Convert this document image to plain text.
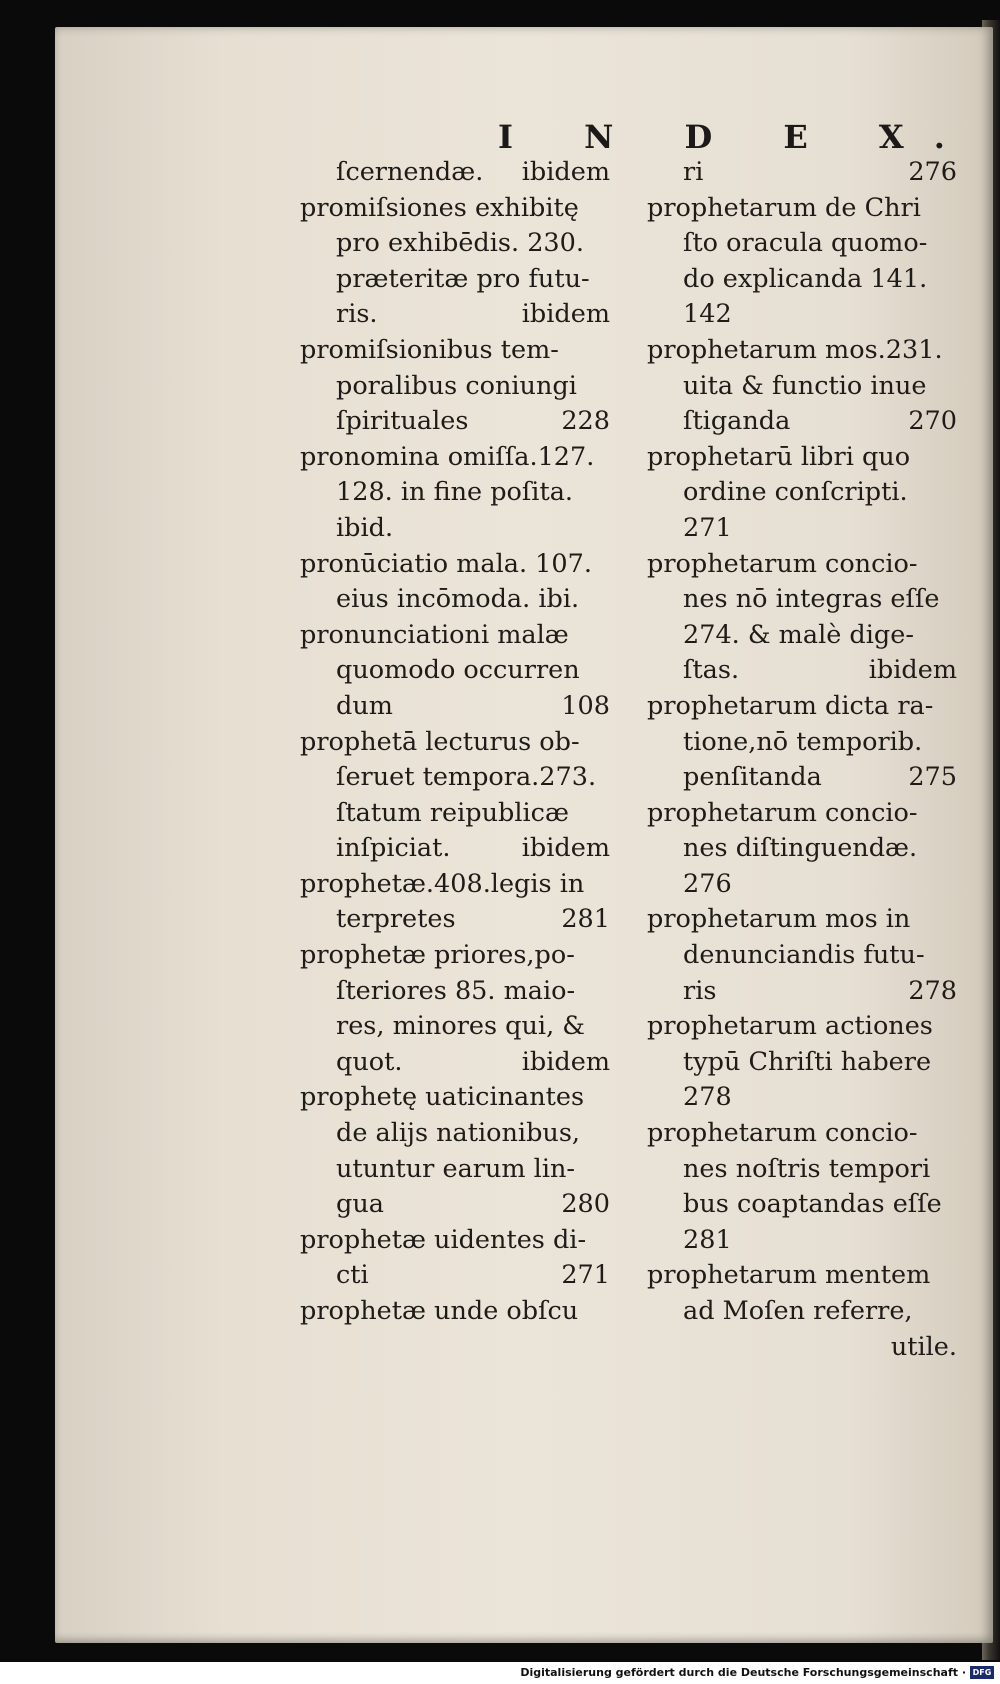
I N D E X.
ſcernendæ. ibidem
promiſsiones exhibitę
pro exhibēdis. 230.
præteritæ pro futu-
ris.	ibidem
promiſsionibus tem-
poralibus coniungi
ſpirituales	228
pronomina omiſſa.127.
128. in fine poſita.
ibid.
pronūciatio mala. 107.
eius incōmoda. ibi.
pronunciationi malæ
quomodo occurren
dum	108
prophetā lecturus ob-
ſeruet tempora.273.
ſtatum reipublicæ
inſpiciat.	ibidem
prophetæ.408.legis in
terpretes	281
prophetæ priores,po-
ſteriores 85. maio-
res, minores qui, &
quot.	ibidem
prophetę uaticinantes
de alijs nationibus,
utuntur earum lin-
gua	280
prophetæ uidentes di-
cti	271
prophetæ unde obſcu
ri	276
prophetarum de Chri
ſto oracula quomo-
do explicanda 141.
142
prophetarum mos.231.
uita & functio inue
ſtiganda	270
prophetarū libri quo
ordine conſcripti.
271
prophetarum concio-
nes nō integras eſſe
274. & malè dige-
ſtas.	ibidem
prophetarum dicta ra-
tione,nō temporib.
penſitanda	275
prophetarum concio-
nes diſtinguendæ.
276
prophetarum mos in
denunciandis futu-
ris	278
prophetarum actiones
typū Chriſti habere
278
prophetarum concio-
nes noſtris tempori
bus coaptandas eſſe
281
prophetarum mentem
ad Moſen referre,
utile.
Digitalisierung gefördert durch die Deutsche Forschungsgemeinschaft · DFG
